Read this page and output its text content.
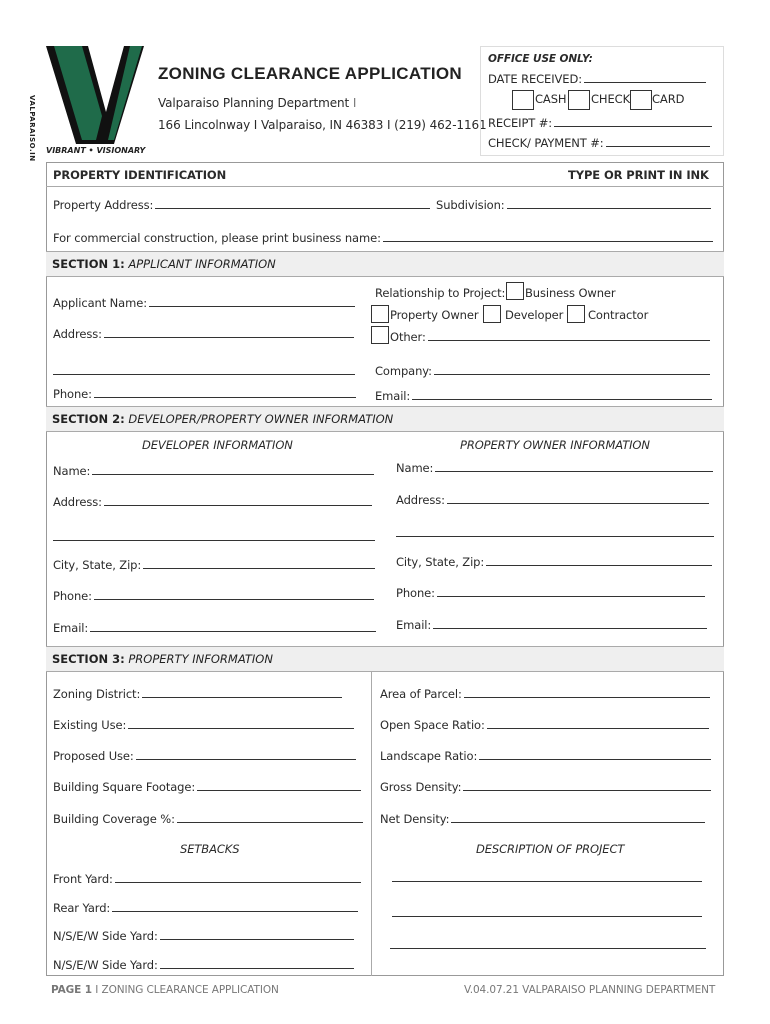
VALPARAISO.IN VIBRANT • VISIONARY
ZONING CLEARANCE APPLICATION
Valparaiso Planning Department I
166 Lincolnway I Valparaiso, IN 46383 I (219) 462-1161
OFFICE USE ONLY:
DATE RECEIVED:
CASH CHECK CARD
RECEIPT #:
CHECK/ PAYMENT #:
PROPERTY IDENTIFICATION	TYPE OR PRINT IN INK
Property Address:	Subdivision:
For commercial construction, please print business name:
SECTION 1: APPLICANT INFORMATION
Applicant Name:
Address:
Phone:
Relationship to Project: Business Owner
Property Owner Developer Contractor
Other:
Company:
Email:
SECTION 2: DEVELOPER/PROPERTY OWNER INFORMATION
DEVELOPER INFORMATION	PROPERTY OWNER INFORMATION
Name:
Address:
City, State, Zip:
Phone:
Email:
Name:
Address:
City, State, Zip:
Phone:
Email:
SECTION 3: PROPERTY INFORMATION
Zoning District:
Existing Use:
Proposed Use:
Building Square Footage:
Building Coverage %:
Area of Parcel:
Open Space Ratio:
Landscape Ratio:
Gross Density:
Net Density:
SETBACKS	DESCRIPTION OF PROJECT
Front Yard:
Rear Yard:
N/S/E/W Side Yard:
N/S/E/W Side Yard:
PAGE 1 I ZONING CLEARANCE APPLICATION	V.04.07.21 VALPARAISO PLANNING DEPARTMENT
